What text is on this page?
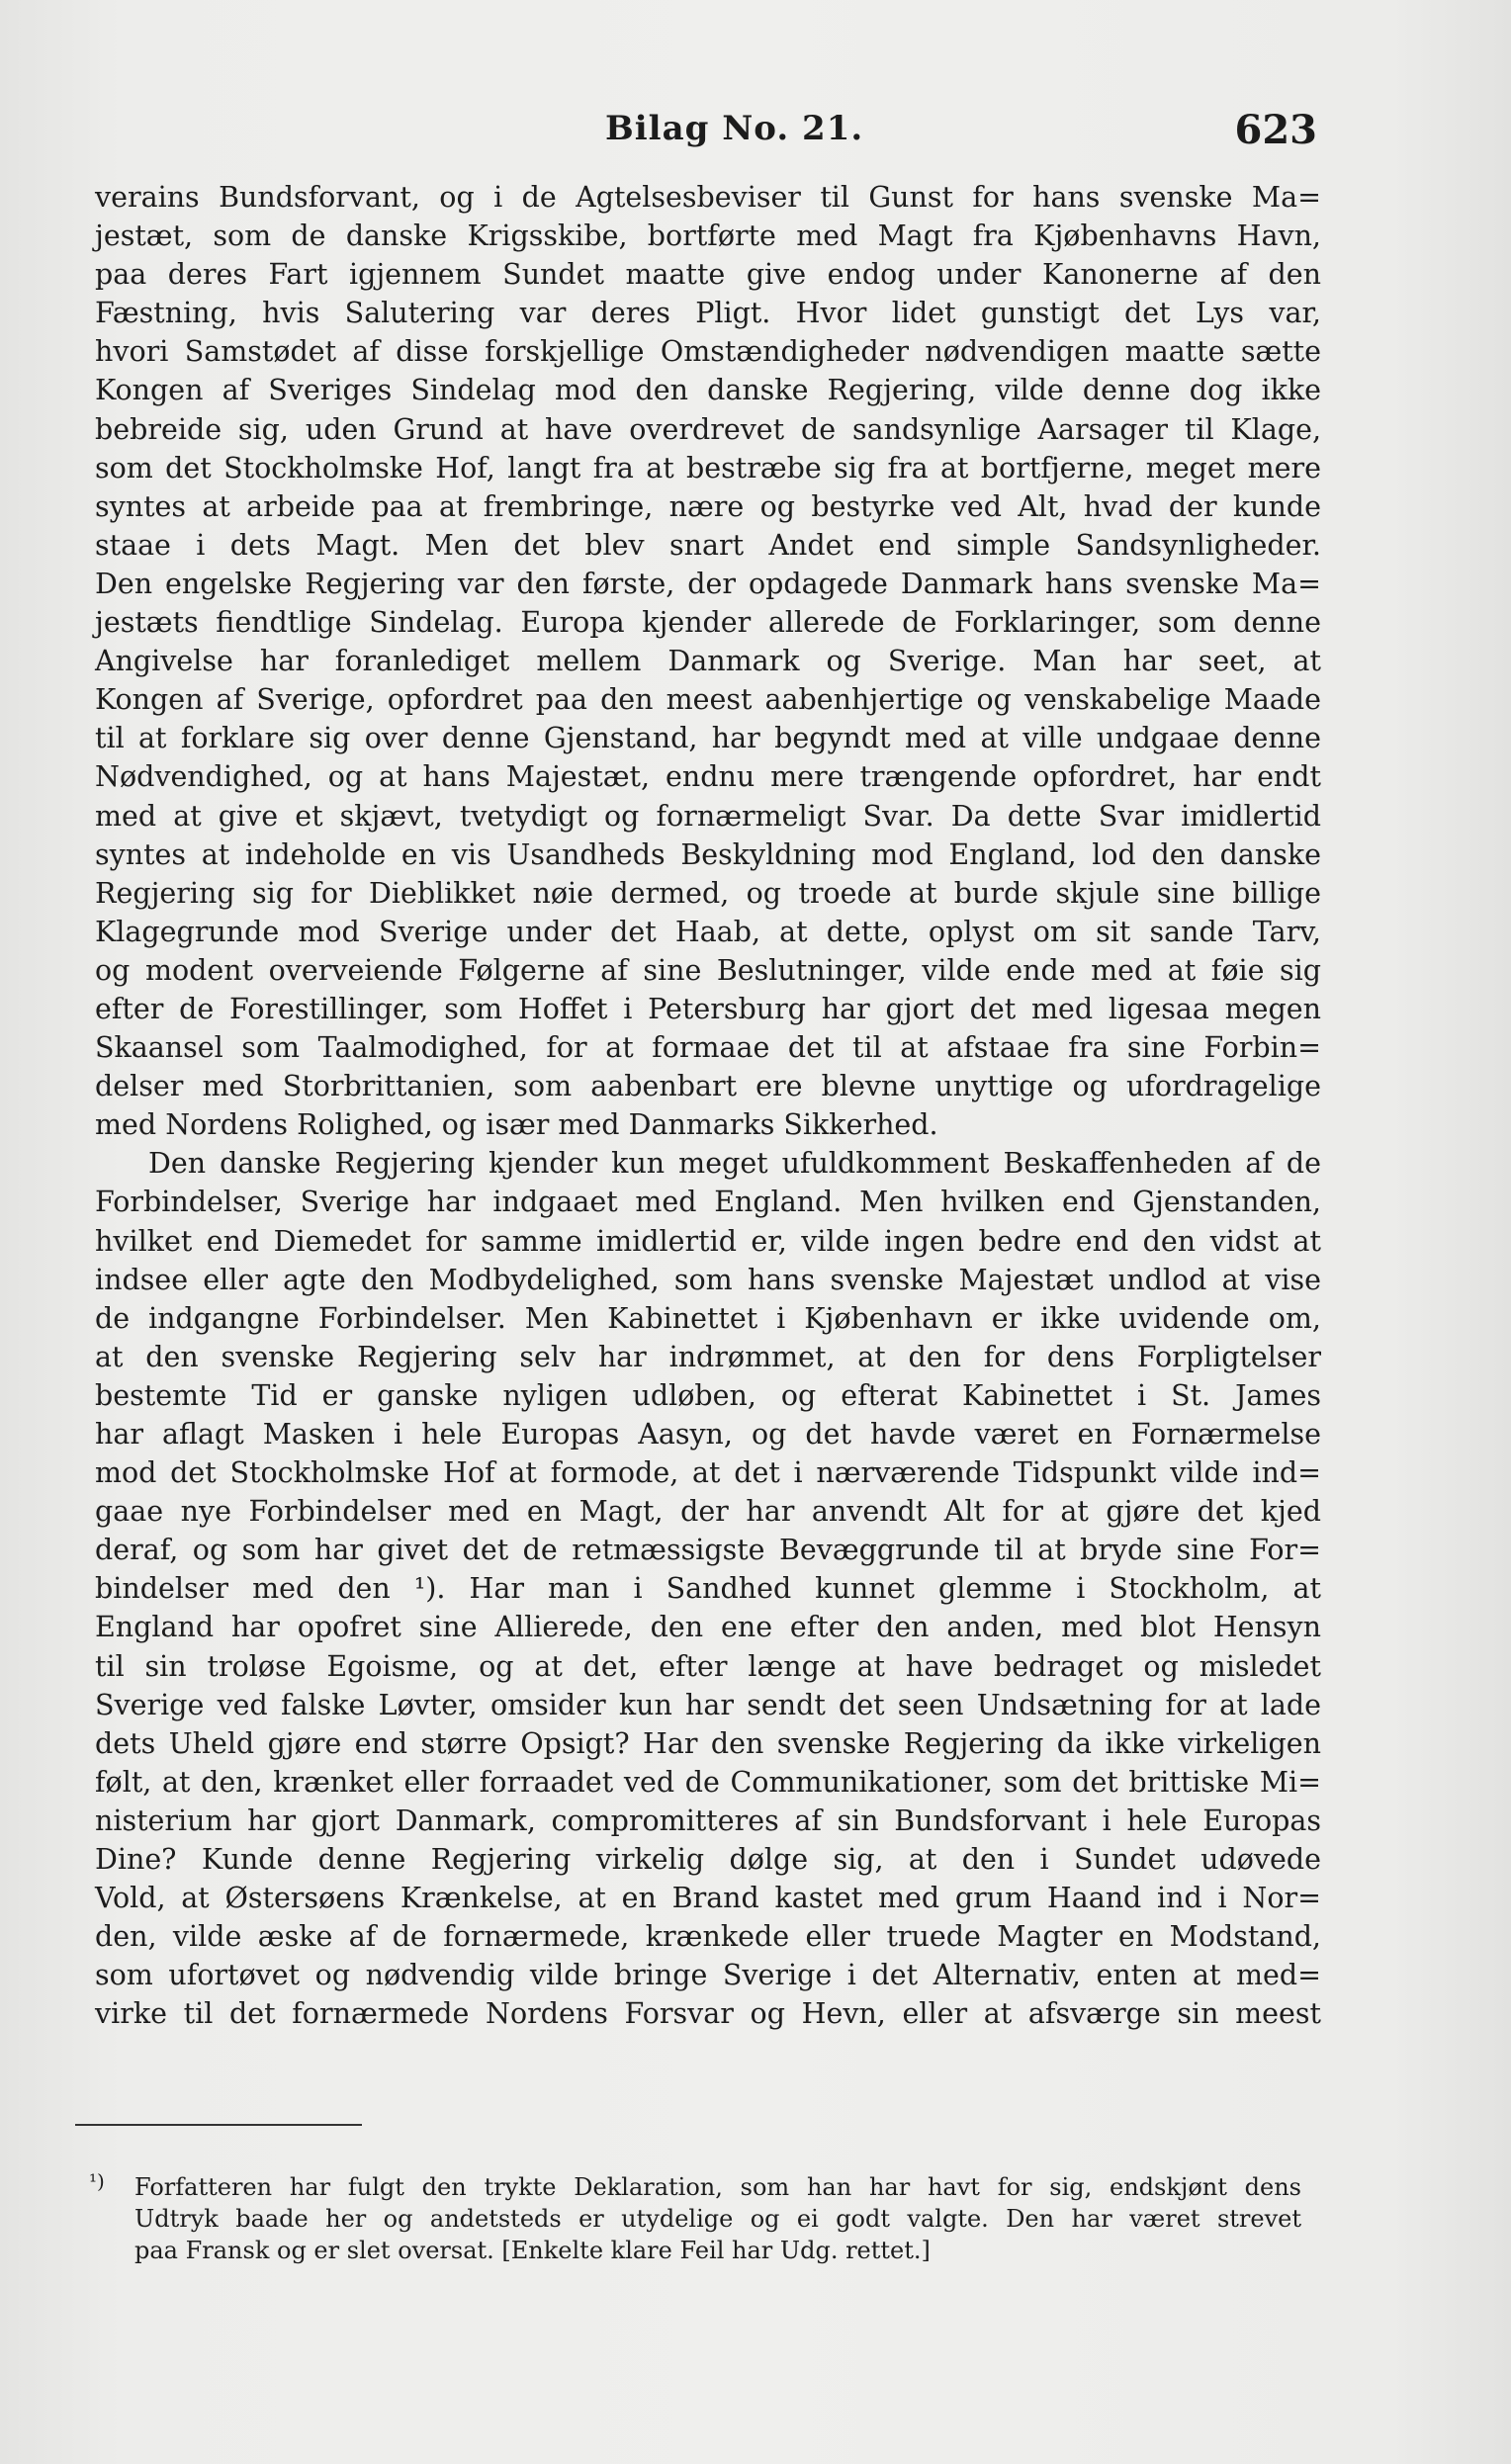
Bilag No. 21.	623
verains Bundsforvant, og i de Agtelsesbeviser til Gunst for hans svenske Ma=
jestæt, som de danske Krigsskibe, bortførte med Magt fra Kjøbenhavns Havn,
paa deres Fart igjennem Sundet maatte give endog under Kanonerne af den
Fæstning, hvis Salutering var deres Pligt. Hvor lidet gunstigt det Lys var,
hvori Samstødet af disse forskjellige Omstændigheder nødvendigen maatte sætte
Kongen af Sveriges Sindelag mod den danske Regjering, vilde denne dog ikke
bebreide sig, uden Grund at have overdrevet de sandsynlige Aarsager til Klage,
som det Stockholmske Hof, langt fra at bestræbe sig fra at bortfjerne, meget mere
syntes at arbeide paa at frembringe, nære og bestyrke ved Alt, hvad der kunde
staae i dets Magt. Men det blev snart Andet end simple Sandsynligheder.
Den engelske Regjering var den første, der opdagede Danmark hans svenske Ma=
jestæts fiendtlige Sindelag. Europa kjender allerede de Forklaringer, som denne
Angivelse har foranlediget mellem Danmark og Sverige. Man har seet, at
Kongen af Sverige, opfordret paa den meest aabenhjertige og venskabelige Maade
til at forklare sig over denne Gjenstand, har begyndt med at ville undgaae denne
Nødvendighed, og at hans Majestæt, endnu mere trængende opfordret, har endt
med at give et skjævt, tvetydigt og fornærmeligt Svar. Da dette Svar imidlertid
syntes at indeholde en vis Usandheds Beskyldning mod England, lod den danske
Regjering sig for Dieblikket nøie dermed, og troede at burde skjule sine billige
Klagegrunde mod Sverige under det Haab, at dette, oplyst om sit sande Tarv,
og modent overveiende Følgerne af sine Beslutninger, vilde ende med at føie sig
efter de Forestillinger, som Hoffet i Petersburg har gjort det med ligesaa megen
Skaansel som Taalmodighed, for at formaae det til at afstaae fra sine Forbin=
delser med Storbrittanien, som aabenbart ere blevne unyttige og ufordragelige
med Nordens Rolighed, og især med Danmarks Sikkerhed.
Den danske Regjering kjender kun meget ufuldkomment Beskaffenheden af de
Forbindelser, Sverige har indgaaet med England. Men hvilken end Gjenstanden,
hvilket end Diemedet for samme imidlertid er, vilde ingen bedre end den vidst at
indsee eller agte den Modbydelighed, som hans svenske Majestæt undlod at vise
de indgangne Forbindelser. Men Kabinettet i Kjøbenhavn er ikke uvidende om,
at den svenske Regjering selv har indrømmet, at den for dens Forpligtelser
bestemte Tid er ganske nyligen udløben, og efterat Kabinettet i St. James
har aflagt Masken i hele Europas Aasyn, og det havde været en Fornærmelse
mod det Stockholmske Hof at formode, at det i nærværende Tidspunkt vilde ind=
gaae nye Forbindelser med en Magt, der har anvendt Alt for at gjøre det kjed
deraf, og som har givet det de retmæssigste Bevæggrunde til at bryde sine For=
bindelser med den ¹). Har man i Sandhed kunnet glemme i Stockholm, at
England har opofret sine Allierede, den ene efter den anden, med blot Hensyn
til sin troløse Egoisme, og at det, efter længe at have bedraget og misledet
Sverige ved falske Løvter, omsider kun har sendt det seen Undsætning for at lade
dets Uheld gjøre end større Opsigt? Har den svenske Regjering da ikke virkeligen
følt, at den, krænket eller forraadet ved de Communikationer, som det brittiske Mi=
nisterium har gjort Danmark, compromitteres af sin Bundsforvant i hele Europas
Dine? Kunde denne Regjering virkelig dølge sig, at den i Sundet udøvede
Vold, at Østersøens Krænkelse, at en Brand kastet med grum Haand ind i Nor=
den, vilde æske af de fornærmede, krænkede eller truede Magter en Modstand,
som ufortøvet og nødvendig vilde bringe Sverige i det Alternativ, enten at med=
virke til det fornærmede Nordens Forsvar og Hevn, eller at afsværge sin meest
¹) Forfatteren har fulgt den trykte Deklaration, som han har havt for sig, endskjønt dens
Udtryk baade her og andetsteds er utydelige og ei godt valgte. Den har været strevet
paa Fransk og er slet oversat. [Enkelte klare Feil har Udg. rettet.]
